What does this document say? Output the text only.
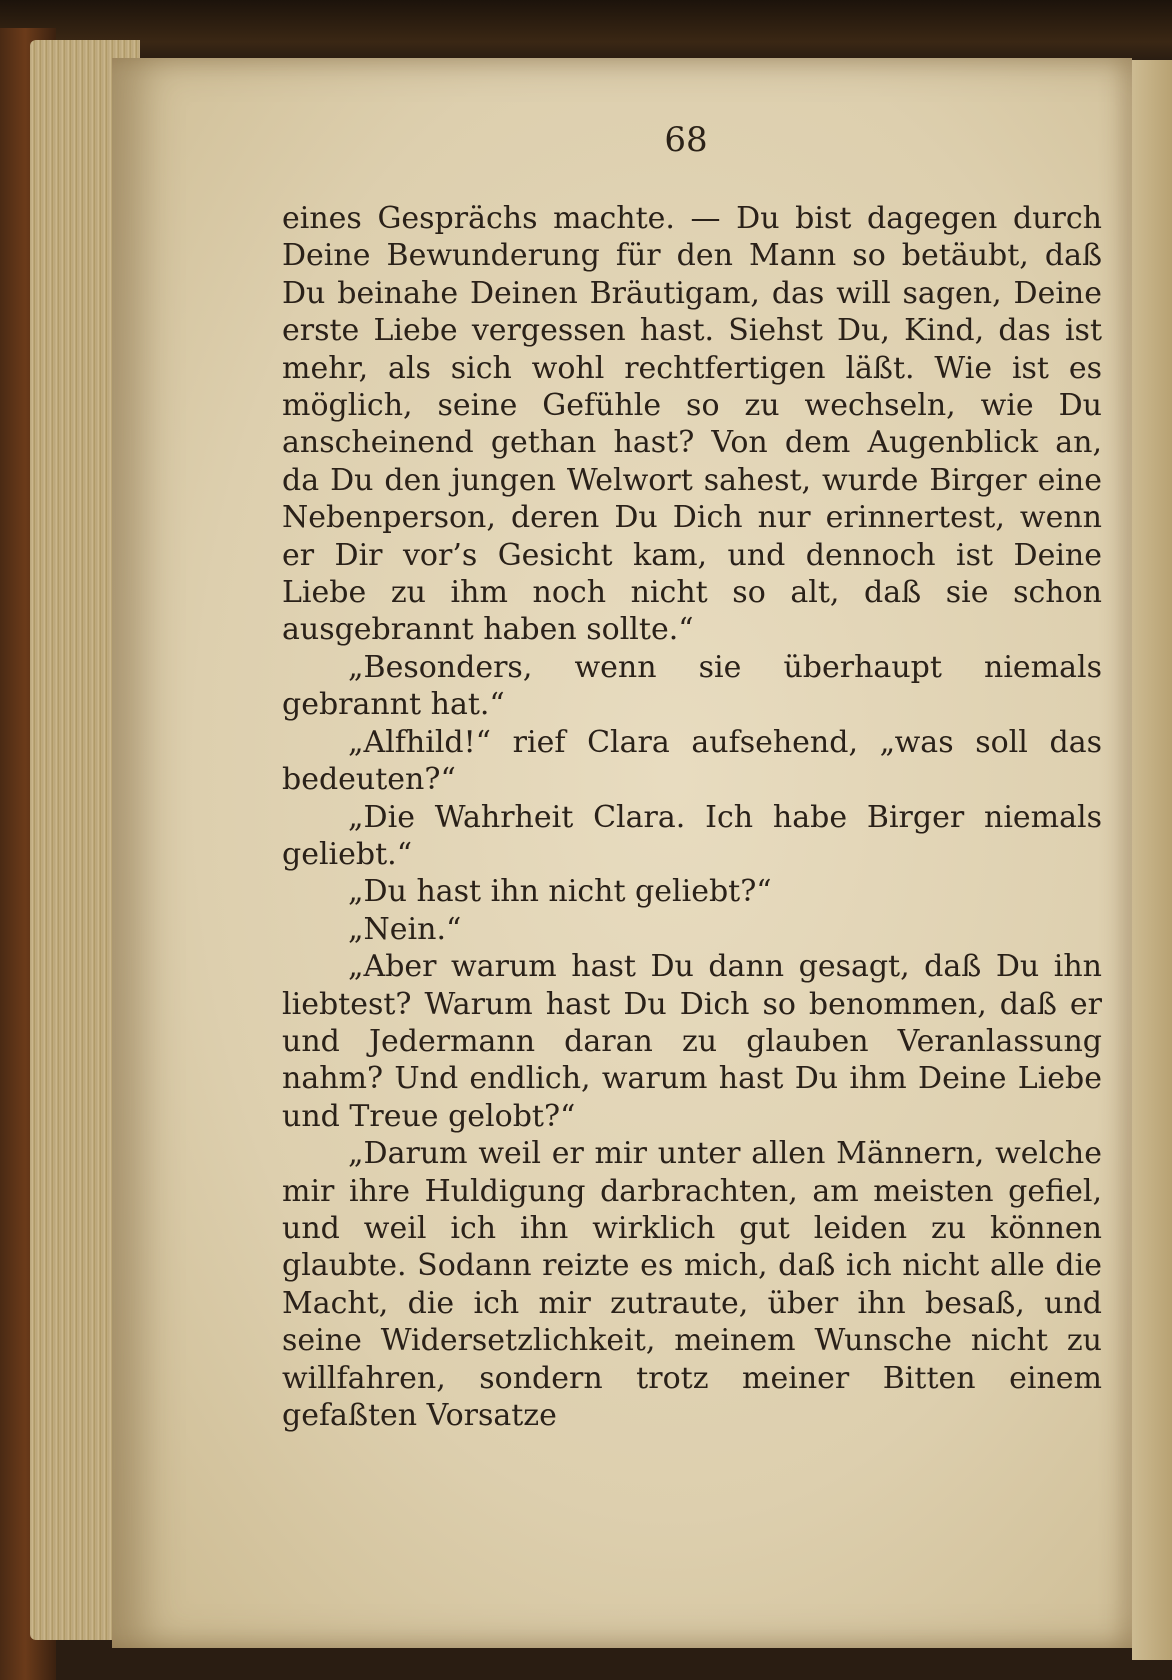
68

eines Gesprächs machte. — Du bist dagegen durch Deine Bewunderung für den Mann so betäubt, daß Du beinahe Deinen Bräutigam, das will sagen, Deine erste Liebe vergessen hast. Siehst Du, Kind, das ist mehr, als sich wohl rechtfertigen läßt. Wie ist es möglich, seine Gefühle so zu wechseln, wie Du anscheinend gethan hast? Von dem Augenblick an, da Du den jungen Welwort sahest, wurde Birger eine Nebenperson, deren Du Dich nur erinnertest, wenn er Dir vor’s Gesicht kam, und dennoch ist Deine Liebe zu ihm noch nicht so alt, daß sie schon ausgebrannt haben sollte.“

„Besonders, wenn sie überhaupt niemals gebrannt hat.“

„Alfhild!“ rief Clara aufsehend, „was soll das bedeuten?“

„Die Wahrheit Clara. Ich habe Birger niemals geliebt.“

„Du hast ihn nicht geliebt?“

„Nein.“

„Aber warum hast Du dann gesagt, daß Du ihn liebtest? Warum hast Du Dich so benommen, daß er und Jedermann daran zu glauben Veranlassung nahm? Und endlich, warum hast Du ihm Deine Liebe und Treue gelobt?“

„Darum weil er mir unter allen Männern, welche mir ihre Huldigung darbrachten, am meisten gefiel, und weil ich ihn wirklich gut leiden zu können glaubte. Sodann reizte es mich, daß ich nicht alle die Macht, die ich mir zutraute, über ihn besaß, und seine Widersetzlichkeit, meinem Wunsche nicht zu willfahren, sondern trotz meiner Bitten einem gefaßten Vorsatze
